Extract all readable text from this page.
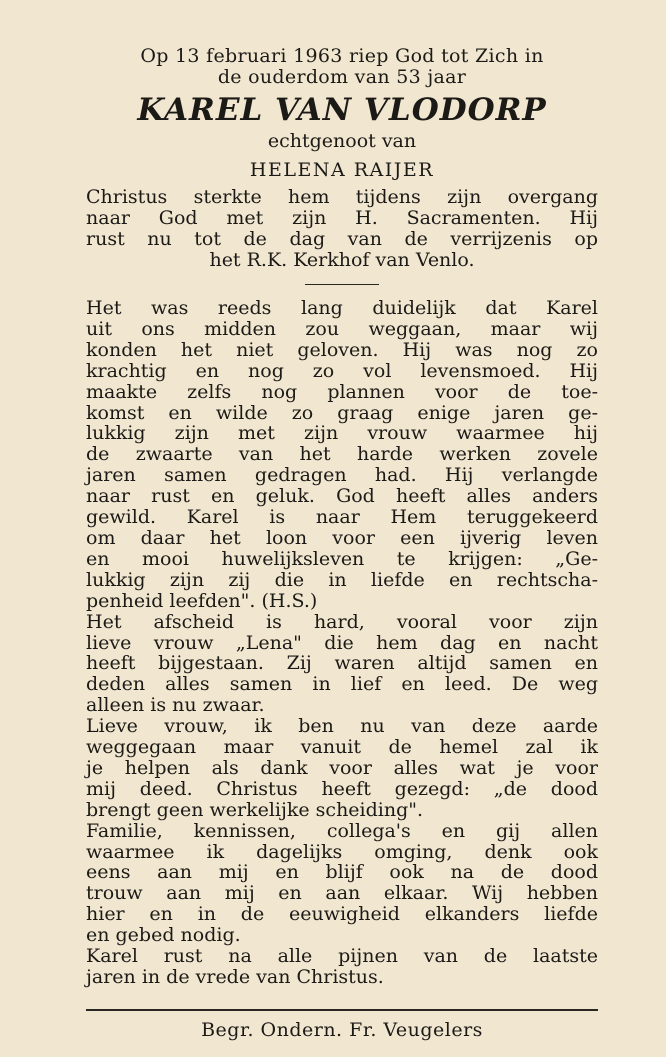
Op 13 februari 1963 riep God tot Zich in
de ouderdom van 53 jaar
KAREL VAN VLODORP
echtgenoot van
HELENA RAIJER
Christus sterkte hem tijdens zijn overgang
naar God met zijn H. Sacramenten. Hij
rust nu tot de dag van de verrijzenis op
het R.K. Kerkhof van Venlo.
Het was reeds lang duidelijk dat Karel
uit ons midden zou weggaan, maar wij
konden het niet geloven. Hij was nog zo
krachtig en nog zo vol levensmoed. Hij
maakte zelfs nog plannen voor de toe-
komst en wilde zo graag enige jaren ge-
lukkig zijn met zijn vrouw waarmee hij
de zwaarte van het harde werken zovele
jaren samen gedragen had. Hij verlangde
naar rust en geluk. God heeft alles anders
gewild. Karel is naar Hem teruggekeerd
om daar het loon voor een ijverig leven
en mooi huwelijksleven te krijgen: „Ge-
lukkig zijn zij die in liefde en rechtscha-
penheid leefden". (H.S.)
Het afscheid is hard, vooral voor zijn
lieve vrouw „Lena" die hem dag en nacht
heeft bijgestaan. Zij waren altijd samen en
deden alles samen in lief en leed. De weg
alleen is nu zwaar.
Lieve vrouw, ik ben nu van deze aarde
weggegaan maar vanuit de hemel zal ik
je helpen als dank voor alles wat je voor
mij deed. Christus heeft gezegd: „de dood
brengt geen werkelijke scheiding".
Familie, kennissen, collega's en gij allen
waarmee ik dagelijks omging, denk ook
eens aan mij en blijf ook na de dood
trouw aan mij en aan elkaar. Wij hebben
hier en in de eeuwigheid elkanders liefde
en gebed nodig.
Karel rust na alle pijnen van de laatste
jaren in de vrede van Christus.
Begr. Ondern. Fr. Veugelers
